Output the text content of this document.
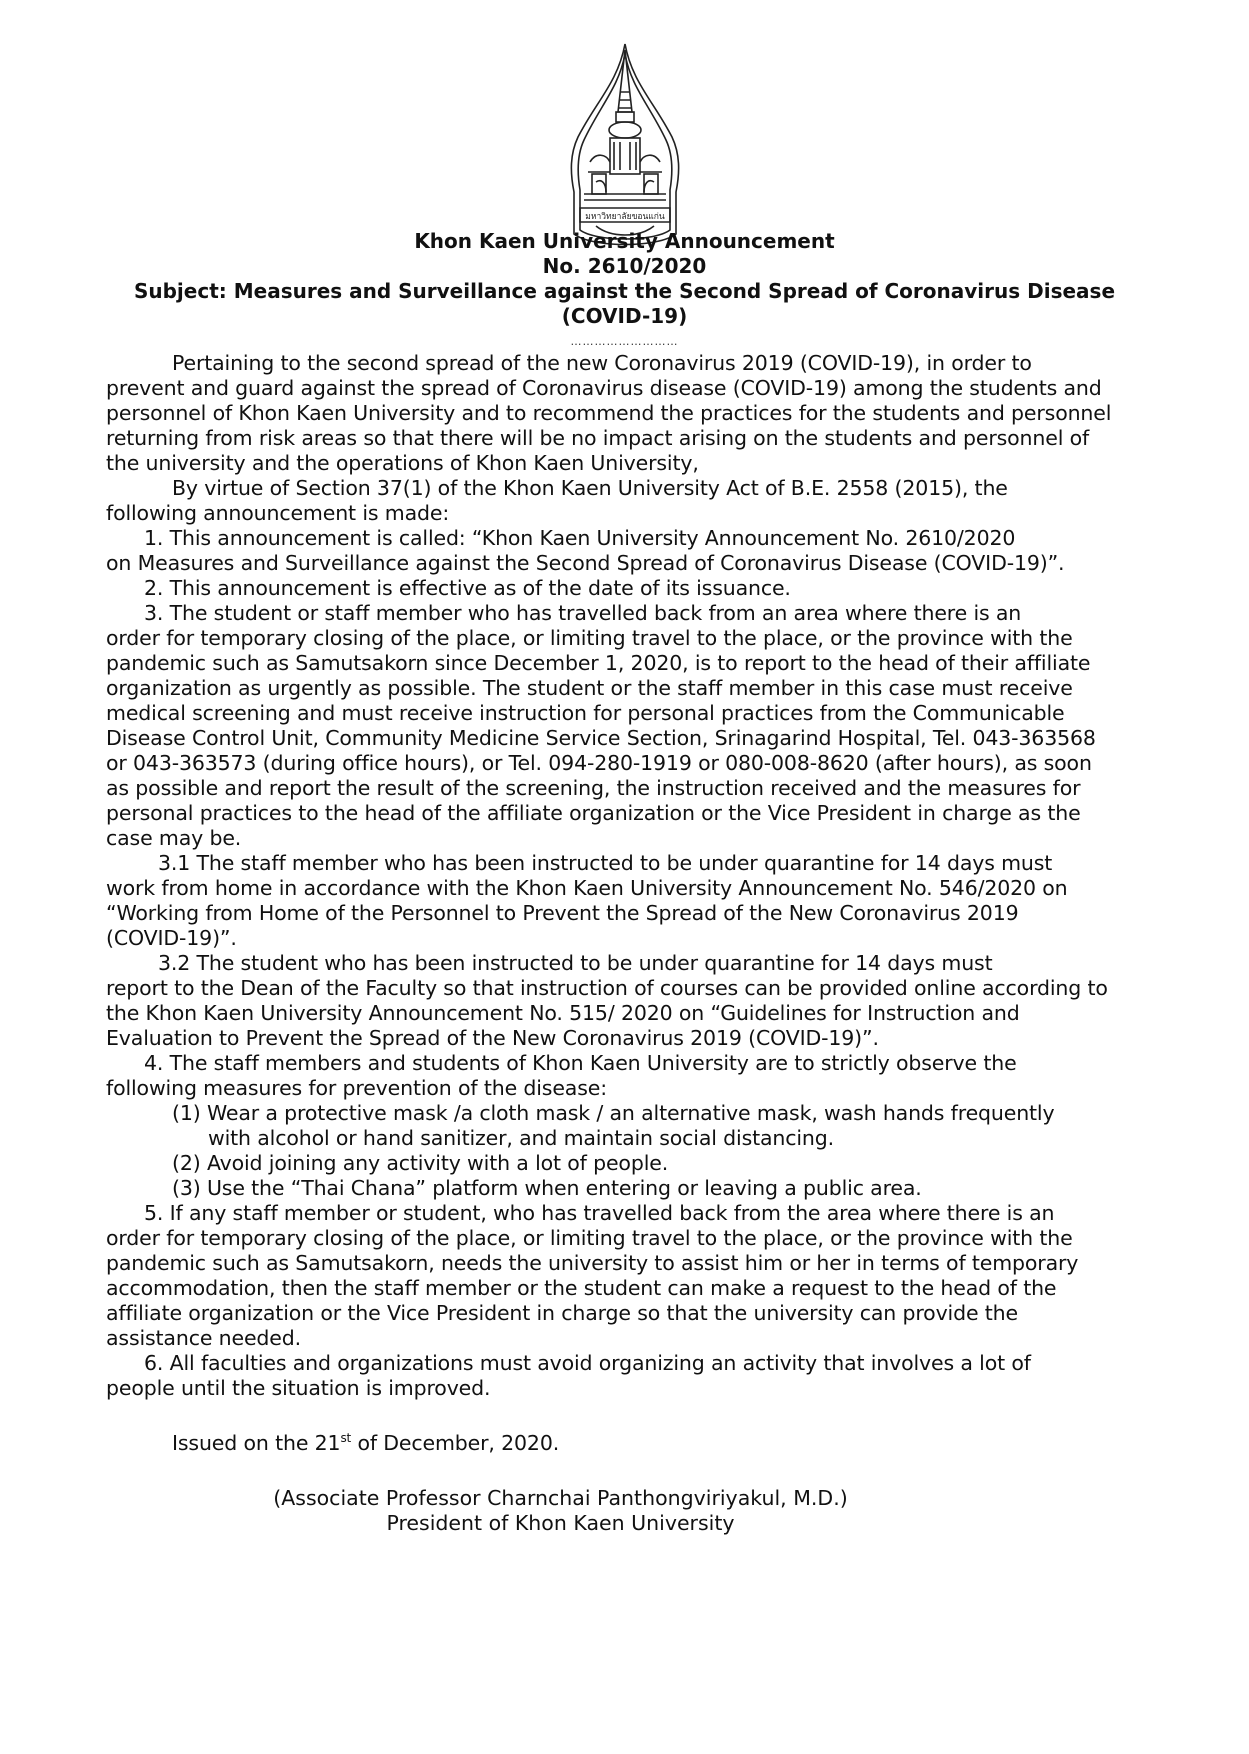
มหาวิทยาลัยขอนแก่น
Khon Kaen University Announcement
No. 2610/2020
Subject: Measures and Surveillance against the Second Spread of Coronavirus Disease
(COVID-19)
………………………
Pertaining to the second spread of the new Coronavirus 2019 (COVID-19), in order to
prevent and guard against the spread of Coronavirus disease (COVID-19) among the students and
personnel of Khon Kaen University and to recommend the practices for the students and personnel
returning from risk areas so that there will be no impact arising on the students and personnel of
the university and the operations of Khon Kaen University,
By virtue of Section 37(1) of the Khon Kaen University Act of B.E. 2558 (2015), the
following announcement is made:
1. This announcement is called: “Khon Kaen University Announcement No. 2610/2020
on Measures and Surveillance against the Second Spread of Coronavirus Disease (COVID-19)”.
2. This announcement is effective as of the date of its issuance.
3. The student or staff member who has travelled back from an area where there is an
order for temporary closing of the place, or limiting travel to the place, or the province with the
pandemic such as Samutsakorn since December 1, 2020, is to report to the head of their affiliate
organization as urgently as possible. The student or the staff member in this case must receive
medical screening and must receive instruction for personal practices from the Communicable
Disease Control Unit, Community Medicine Service Section, Srinagarind Hospital, Tel. 043-363568
or 043-363573 (during office hours), or Tel. 094-280-1919 or 080-008-8620 (after hours), as soon
as possible and report the result of the screening, the instruction received and the measures for
personal practices to the head of the affiliate organization or the Vice President in charge as the
case may be.
3.1 The staff member who has been instructed to be under quarantine for 14 days must
work from home in accordance with the Khon Kaen University Announcement No. 546/2020 on
“Working from Home of the Personnel to Prevent the Spread of the New Coronavirus 2019
(COVID-19)”.
3.2 The student who has been instructed to be under quarantine for 14 days must
report to the Dean of the Faculty so that instruction of courses can be provided online according to
the Khon Kaen University Announcement No. 515/ 2020 on “Guidelines for Instruction and
Evaluation to Prevent the Spread of the New Coronavirus 2019 (COVID-19)”.
4. The staff members and students of Khon Kaen University are to strictly observe the
following measures for prevention of the disease:
(1) Wear a protective mask /a cloth mask / an alternative mask, wash hands frequently
with alcohol or hand sanitizer, and maintain social distancing.
(2) Avoid joining any activity with a lot of people.
(3) Use the “Thai Chana” platform when entering or leaving a public area.
5. If any staff member or student, who has travelled back from the area where there is an
order for temporary closing of the place, or limiting travel to the place, or the province with the
pandemic such as Samutsakorn, needs the university to assist him or her in terms of temporary
accommodation, then the staff member or the student can make a request to the head of the
affiliate organization or the Vice President in charge so that the university can provide the
assistance needed.
6. All faculties and organizations must avoid organizing an activity that involves a lot of
people until the situation is improved.
Issued on the 21st of December, 2020.
(Associate Professor Charnchai Panthongviriyakul, M.D.)
President of Khon Kaen University
